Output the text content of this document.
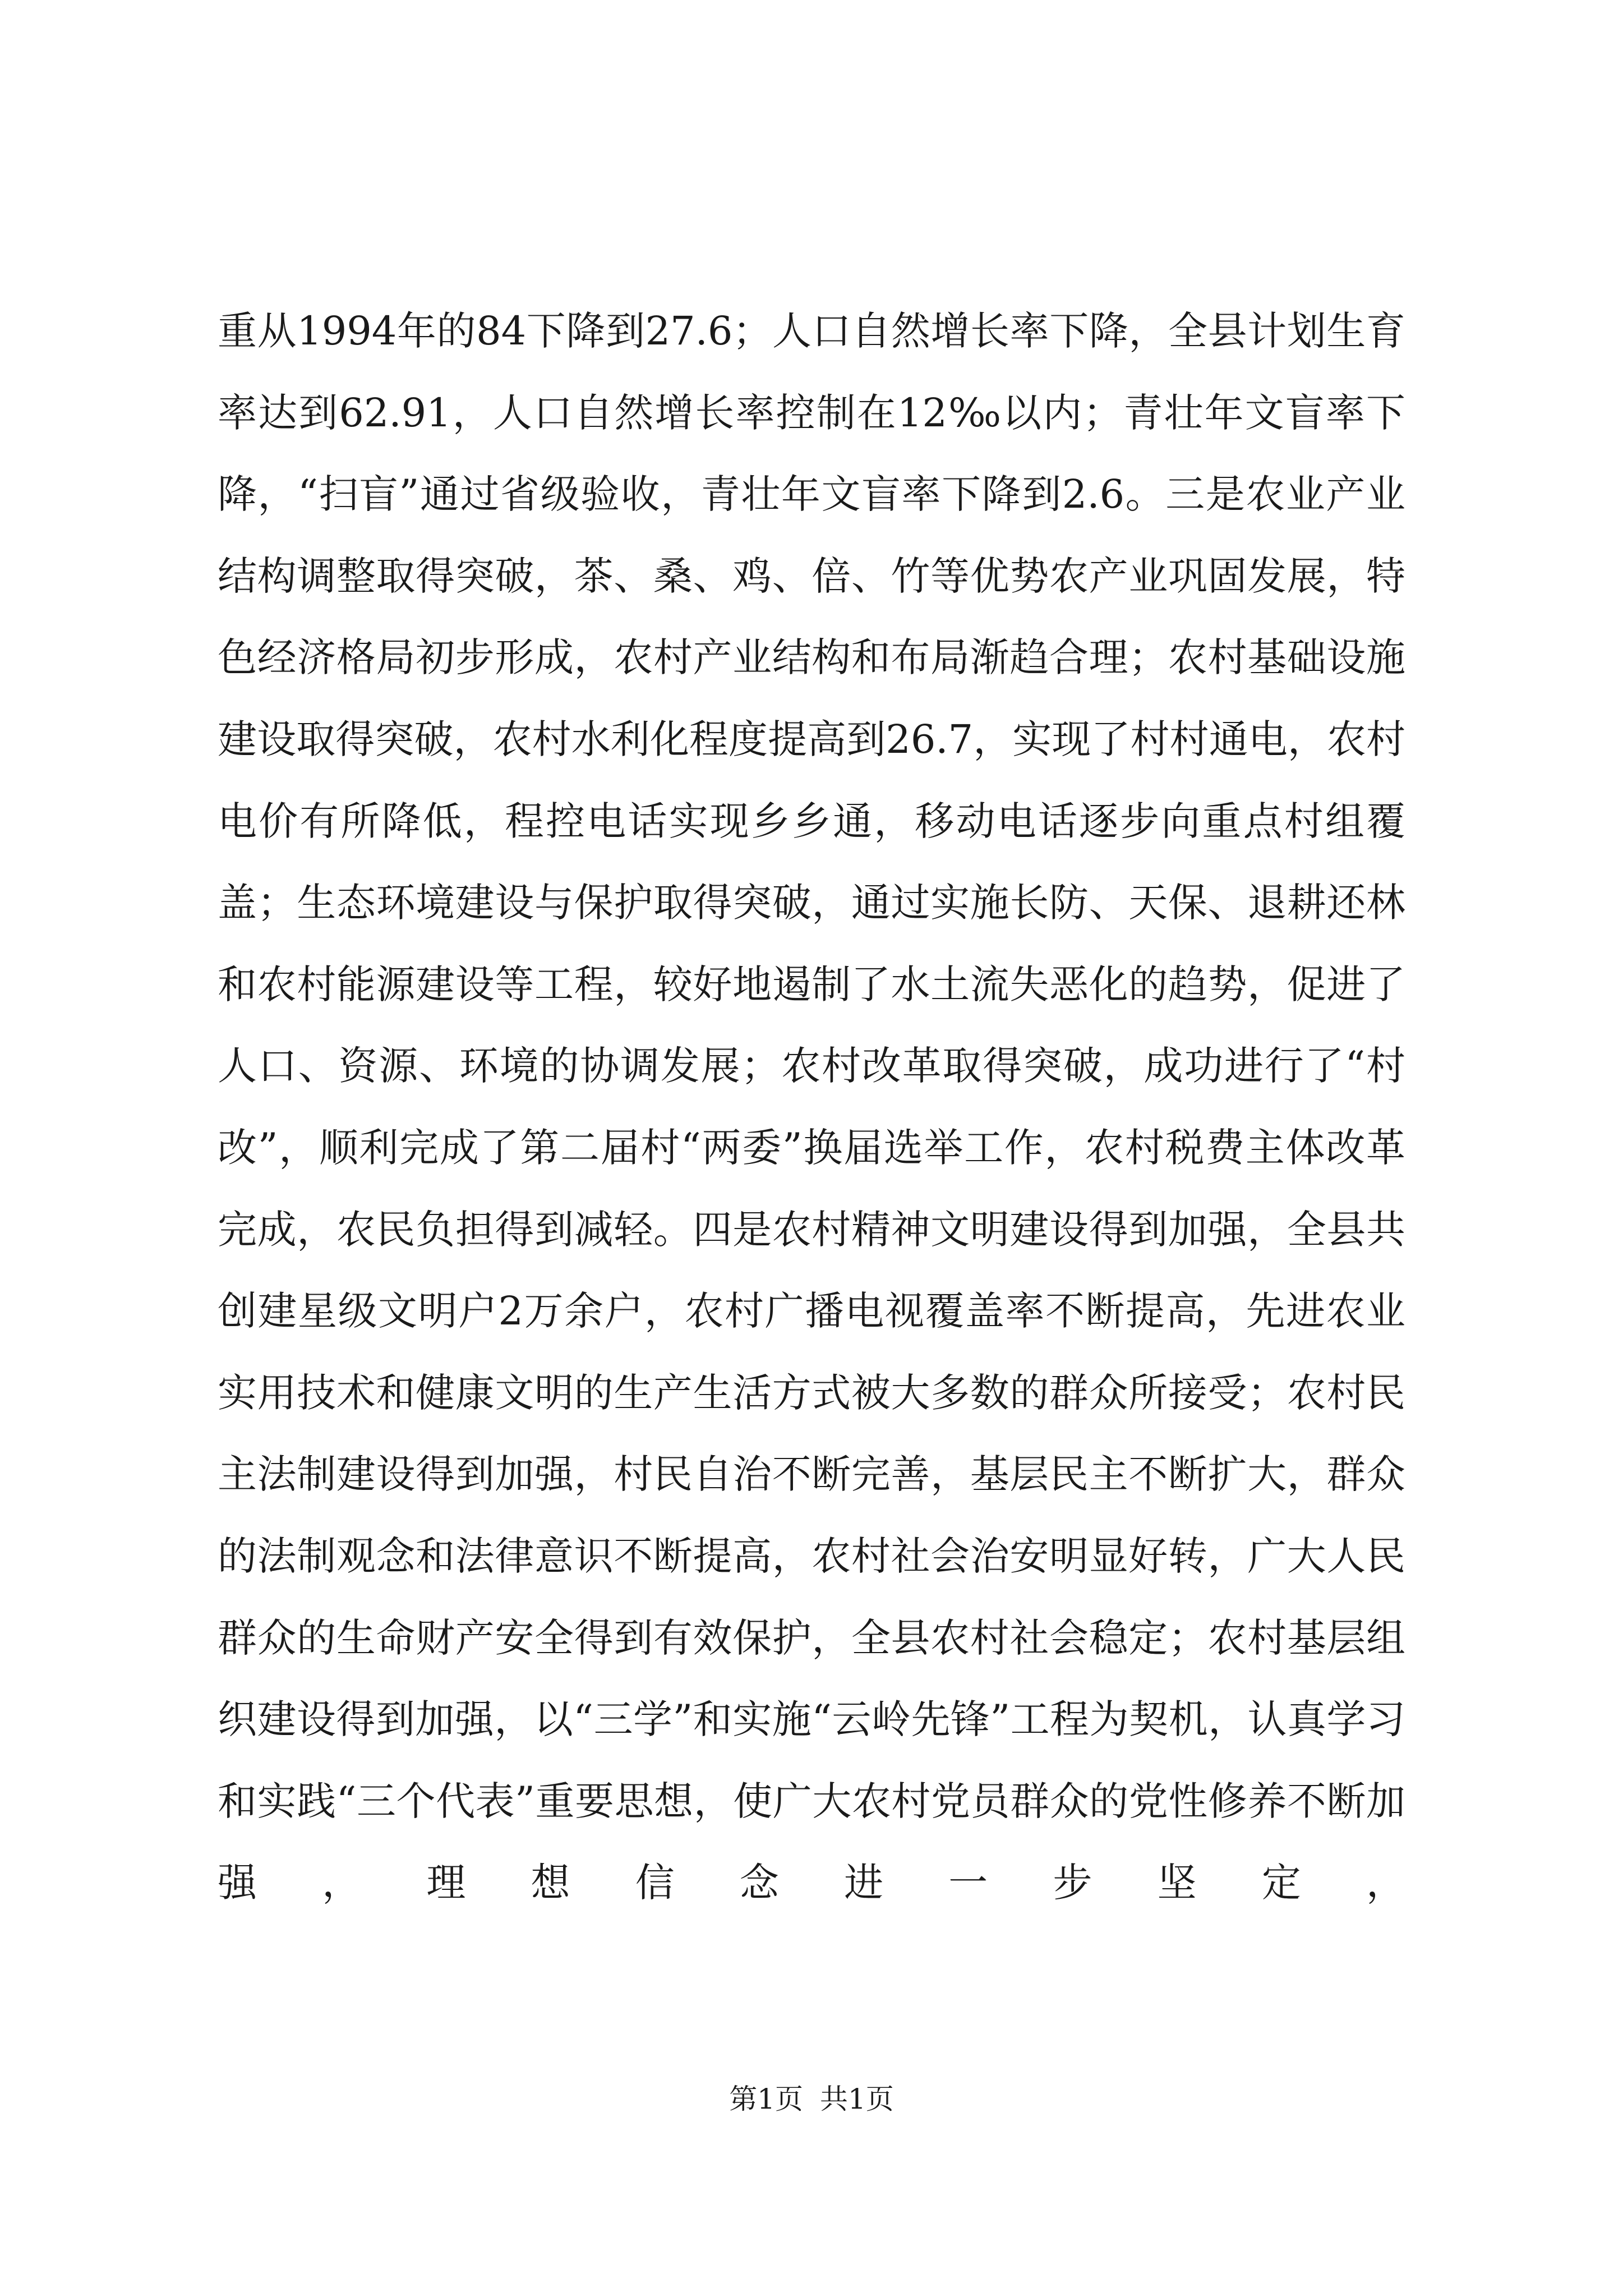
重从1994年的84下降到27.6；人口自然增长率下降，全县计划生育率达到62.91，人口自然增长率控制在12‰以内；青壮年文盲率下降，“扫盲”通过省级验收，青壮年文盲率下降到2.6。三是农业产业结构调整取得突破，茶、桑、鸡、倍、竹等优势农产业巩固发展，特色经济格局初步形成，农村产业结构和布局渐趋合理；农村基础设施建设取得突破，农村水利化程度提高到26.7，实现了村村通电，农村电价有所降低，程控电话实现乡乡通，移动电话逐步向重点村组覆盖；生态环境建设与保护取得突破，通过实施长防、天保、退耕还林和农村能源建设等工程，较好地遏制了水土流失恶化的趋势，促进了人口、资源、环境的协调发展；农村改革取得突破，成功进行了“村改”，顺利完成了第二届村“两委”换届选举工作，农村税费主体改革完成，农民负担得到减轻。四是农村精神文明建设得到加强，全县共创建星级文明户2万余户，农村广播电视覆盖率不断提高，先进农业实用技术和健康文明的生产生活方式被大多数的群众所接受；农村民主法制建设得到加强，村民自治不断完善，基层民主不断扩大，群众的法制观念和法律意识不断提高，农村社会治安明显好转，广大人民群众的生命财产安全得到有效保护，全县农村社会稳定；农村基层组织建设得到加强，以“三学”和实施“云岭先锋”工程为契机，认真学习和实践“三个代表”重要思想，使广大农村党员群众的党性修养不断加强，理想信念进一步坚定，

第1页 共1页
